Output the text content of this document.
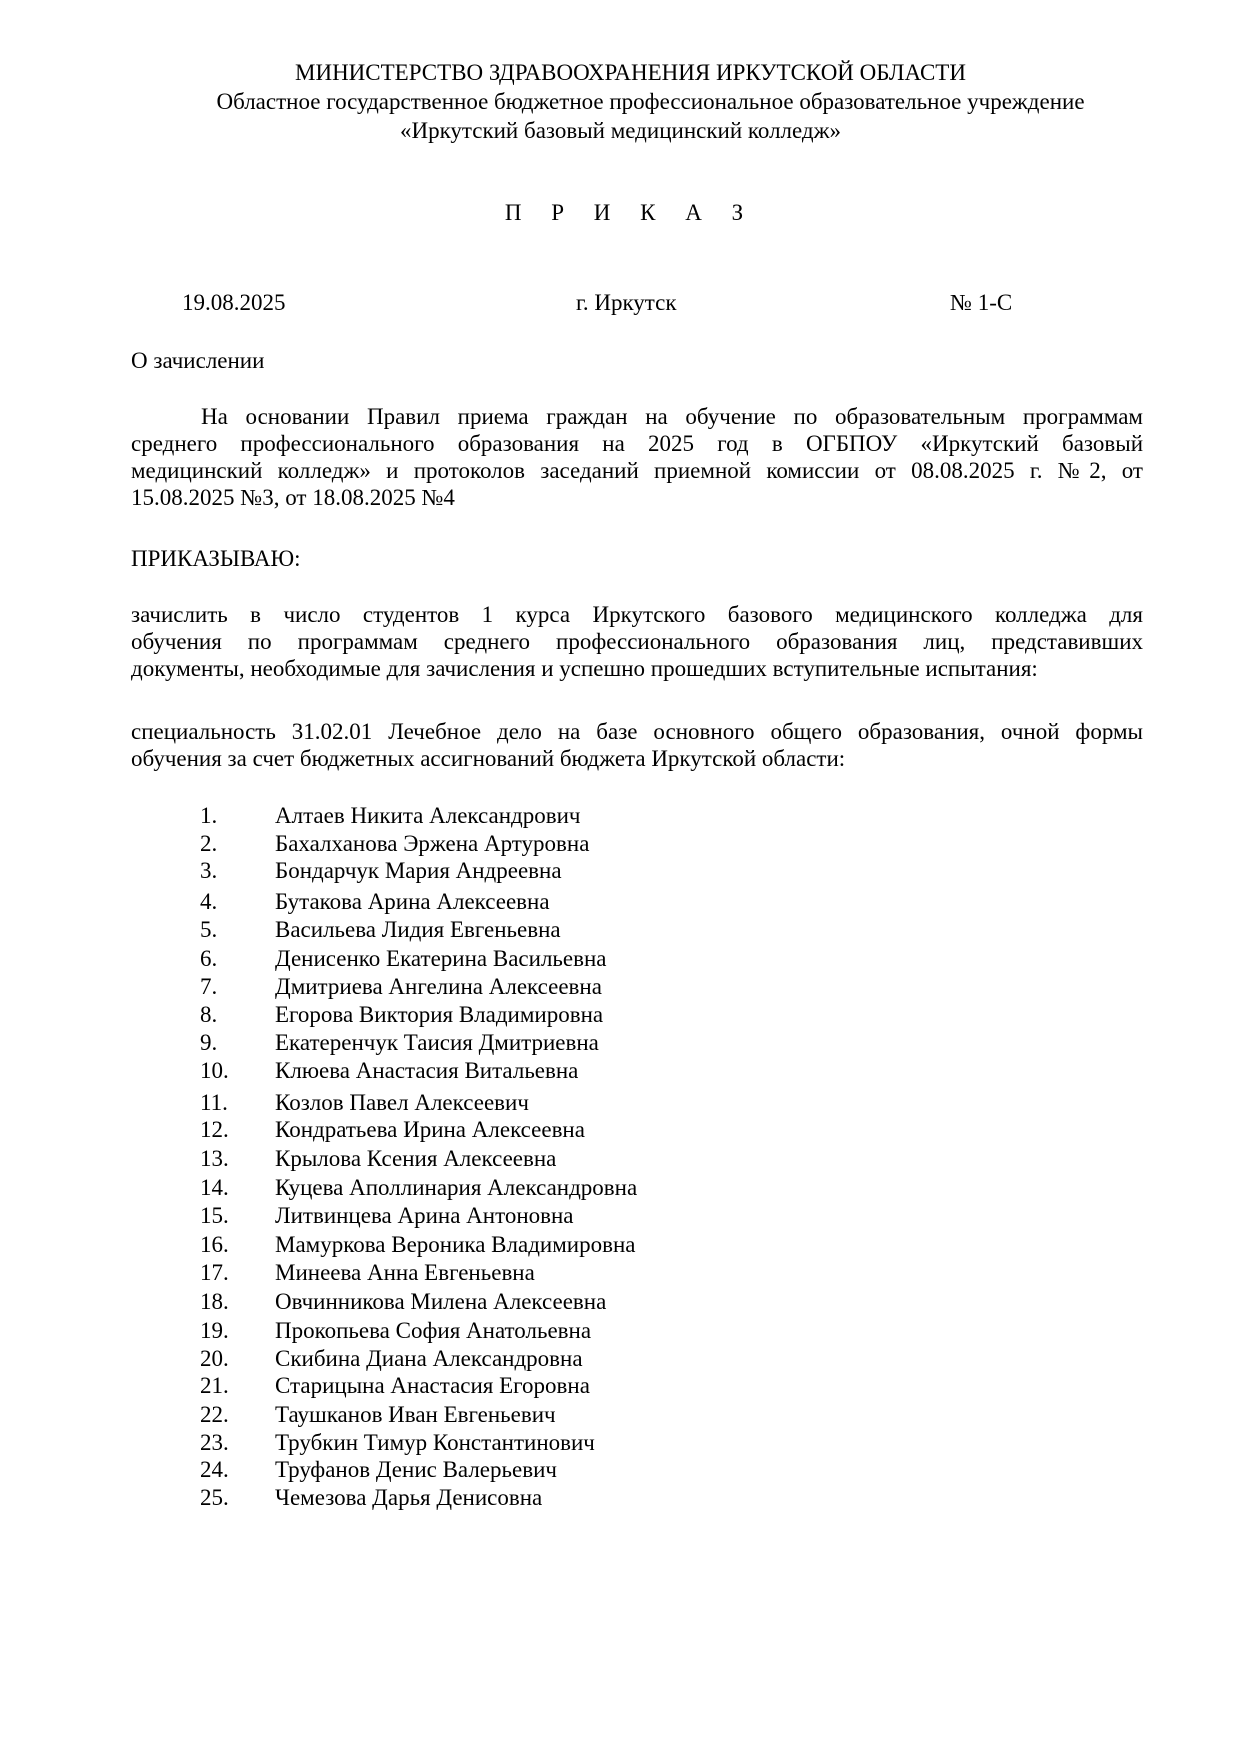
МИНИСТЕРСТВО ЗДРАВООХРАНЕНИЯ ИРКУТСКОЙ ОБЛАСТИ
Областное государственное бюджетное профессиональное образовательное учреждение
«Иркутский базовый медицинский колледж»
П Р И К А З
19.08.2025	г. Иркутск	№ 1-С
О зачислении
На основании Правил приема граждан на обучение по образовательным программам
среднего профессионального образования на 2025 год в ОГБПОУ «Иркутский базовый
медицинский колледж» и протоколов заседаний приемной комиссии от 08.08.2025 г. №2, от
15.08.2025 №3, от 18.08.2025 №4
ПРИКАЗЫВАЮ:
зачислить в число студентов 1 курса Иркутского базового медицинского колледжа для
обучения по программам среднего профессионального образования лиц, представивших
документы, необходимые для зачисления и успешно прошедших вступительные испытания:
специальность 31.02.01 Лечебное дело на базе основного общего образования, очной формы
обучения за счет бюджетных ассигнований бюджета Иркутской области:
1.	Алтаев Никита Александрович
2.	Бахалханова Эржена Артуровна
3.	Бондарчук Мария Андреевна
4.	Бутакова Арина Алексеевна
5.	Васильева Лидия Евгеньевна
6.	Денисенко Екатерина Васильевна
7.	Дмитриева Ангелина Алексеевна
8.	Егорова Виктория Владимировна
9.	Екатеренчук Таисия Дмитриевна
10. Клюева Анастасия Витальевна
11. Козлов Павел Алексеевич
12. Кондратьева Ирина Алексеевна
13. Крылова Ксения Алексеевна
14. Куцева Аполлинария Александровна
15. Литвинцева Арина Антоновна
16. Мамуркова Вероника Владимировна
17. Минеева Анна Евгеньевна
18. Овчинникова Милена Алексеевна
19. Прокопьева София Анатольевна
20. Скибина Диана Александровна
21. Старицына Анастасия Егоровна
22. Таушканов Иван Евгеньевич
23. Трубкин Тимур Константинович
24. Труфанов Денис Валерьевич
25. Чемезова Дарья Денисовна
